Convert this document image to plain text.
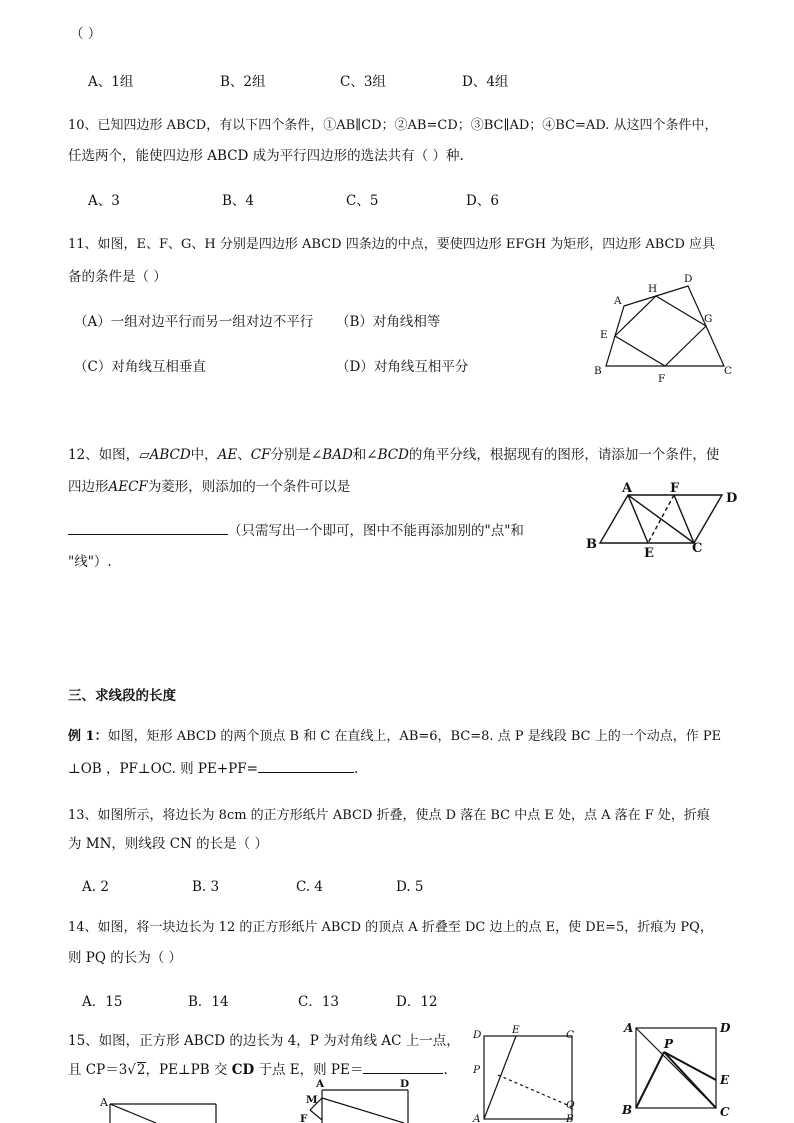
（ ）
A、1组	B、2组	C、3组	D、4组
10、已知四边形 ABCD，有以下四个条件，①AB∥CD；②AB=CD；③BC∥AD；④BC=AD. 从这四个条件中，
任选两个，能使四边形 ABCD 成为平行四边形的选法共有（ ）种.
A、3	B、4	C、5	D、6
11、如图，E、F、G、H 分别是四边形 ABCD 四条边的中点，要使四边形 EFGH 为矩形，四边形 ABCD 应具
备的条件是（ ）
（A）一组对边平行而另一组对边不平行 （B）对角线相等
（C）对角线互相垂直	（D）对角线互相平分
A
H
D
E
G
B
F
C
12、如图，▱ABCD中，AE、CF分别是∠BAD和∠BCD的角平分线，根据现有的图形，请添加一个条件，使
四边形AECF为菱形，则添加的一个条件可以是
（只需写出一个即可，图中不能再添加别的"点"和
"线"）.
A	F
D
B
E	C
三、求线段的长度
例 1：如图，矩形 ABCD 的两个顶点 B 和 C 在直线上，AB=6，BC=8. 点 P 是线段 BC 上的一个动点，作 PE
⊥OB ，PF⊥OC. 则 PE+PF=	.
13、如图所示，将边长为 8cm 的正方形纸片 ABCD 折叠，使点 D 落在 BC 中点 E 处，点 A 落在 F 处，折痕
为 MN，则线段 CN 的长是（ ）
A. 2	B. 3	C. 4	D. 5
14、如图，将一块边长为 12 的正方形纸片 ABCD 的顶点 A 折叠至 DC 边上的点 E，使 DE=5，折痕为 PQ，
则 PQ 的长为（ ）
A．15	B．14	C．13	D．12
15、如图，正方形 ABCD 的边长为 4，P 为对角线 AC 上一点，
且 CP＝3√2，PE⊥PB 交 CD 于点 E，则 PE＝	.
A
A	D
M
F
D	E	C
P
A	B
Q
A	D
P
E
B	C
